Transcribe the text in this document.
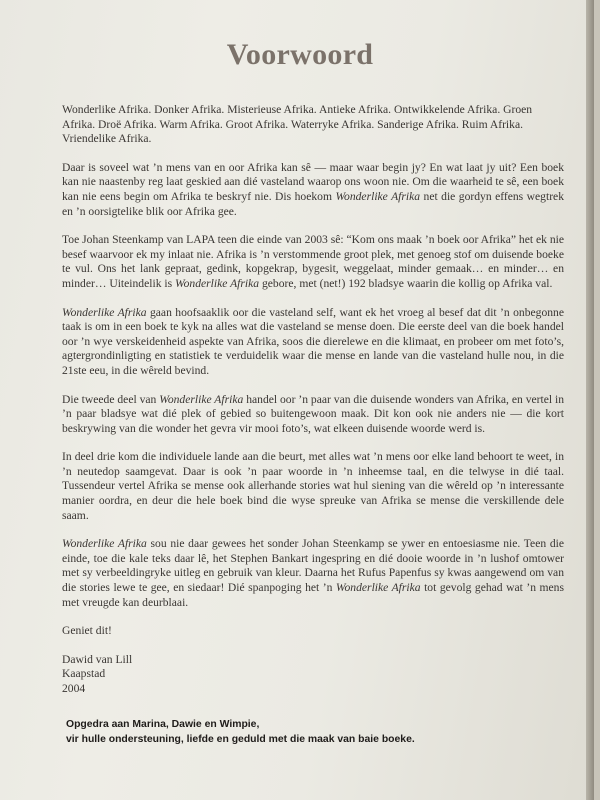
Voorwoord

Wonderlike Afrika. Donker Afrika. Misterieuse Afrika. Antieke Afrika. Ontwikkelende Afrika. Groen Afrika. Droë Afrika. Warm Afrika. Groot Afrika. Waterryke Afrika. Sanderige Afrika. Ruim Afrika. Vriendelike Afrika.

Daar is soveel wat ’n mens van en oor Afrika kan sê — maar waar begin jy? En wat laat jy uit? Een boek kan nie naastenby reg laat geskied aan dié vasteland waarop ons woon nie. Om die waarheid te sê, een boek kan nie eens begin om Afrika te beskryf nie. Dis hoekom Wonderlike Afrika net die gordyn effens wegtrek en ’n oorsigtelike blik oor Afrika gee.

Toe Johan Steenkamp van LAPA teen die einde van 2003 sê: “Kom ons maak ’n boek oor Afrika” het ek nie besef waarvoor ek my inlaat nie. Afrika is ’n verstommende groot plek, met genoeg stof om duisende boeke te vul. Ons het lank gepraat, gedink, kopgekrap, bygesit, weggelaat, minder gemaak… en minder… en minder… Uiteindelik is Wonderlike Afrika gebore, met (net!) 192 bladsye waarin die kollig op Afrika val.

Wonderlike Afrika gaan hoofsaaklik oor die vasteland self, want ek het vroeg al besef dat dit ’n onbegonne taak is om in een boek te kyk na alles wat die vasteland se mense doen. Die eerste deel van die boek handel oor ’n wye verskeidenheid aspekte van Afrika, soos die dierelewe en die klimaat, en probeer om met foto’s, agtergrondinligting en statistiek te verduidelik waar die mense en lande van die vasteland hulle nou, in die 21ste eeu, in die wêreld bevind.

Die tweede deel van Wonderlike Afrika handel oor ’n paar van die duisende wonders van Afrika, en vertel in ’n paar bladsye wat dié plek of gebied so buitengewoon maak. Dit kon ook nie anders nie — die kort beskrywing van die wonder het gevra vir mooi foto’s, wat elkeen duisende woorde werd is.

In deel drie kom die individuele lande aan die beurt, met alles wat ’n mens oor elke land behoort te weet, in ’n neutedop saamgevat. Daar is ook ’n paar woorde in ’n inheemse taal, en die telwyse in dié taal. Tussendeur vertel Afrika se mense ook allerhande stories wat hul siening van die wêreld op ’n interessante manier oordra, en deur die hele boek bind die wyse spreuke van Afrika se mense die verskillende dele saam.

Wonderlike Afrika sou nie daar gewees het sonder Johan Steenkamp se ywer en entoesiasme nie. Teen die einde, toe die kale teks daar lê, het Stephen Bankart ingespring en dié dooie woorde in ’n lushof omtower met sy verbeeldingryke uitleg en gebruik van kleur. Daarna het Rufus Papenfus sy kwas aangewend om van die stories lewe te gee, en siedaar! Dié spanpoging het ’n Wonderlike Afrika tot gevolg gehad wat ’n mens met vreugde kan deurblaai.

Geniet dit!

Dawid van Lill
Kaapstad
2004
Opgedra aan Marina, Dawie en Wimpie,
vir hulle ondersteuning, liefde en geduld met die maak van baie boeke.
